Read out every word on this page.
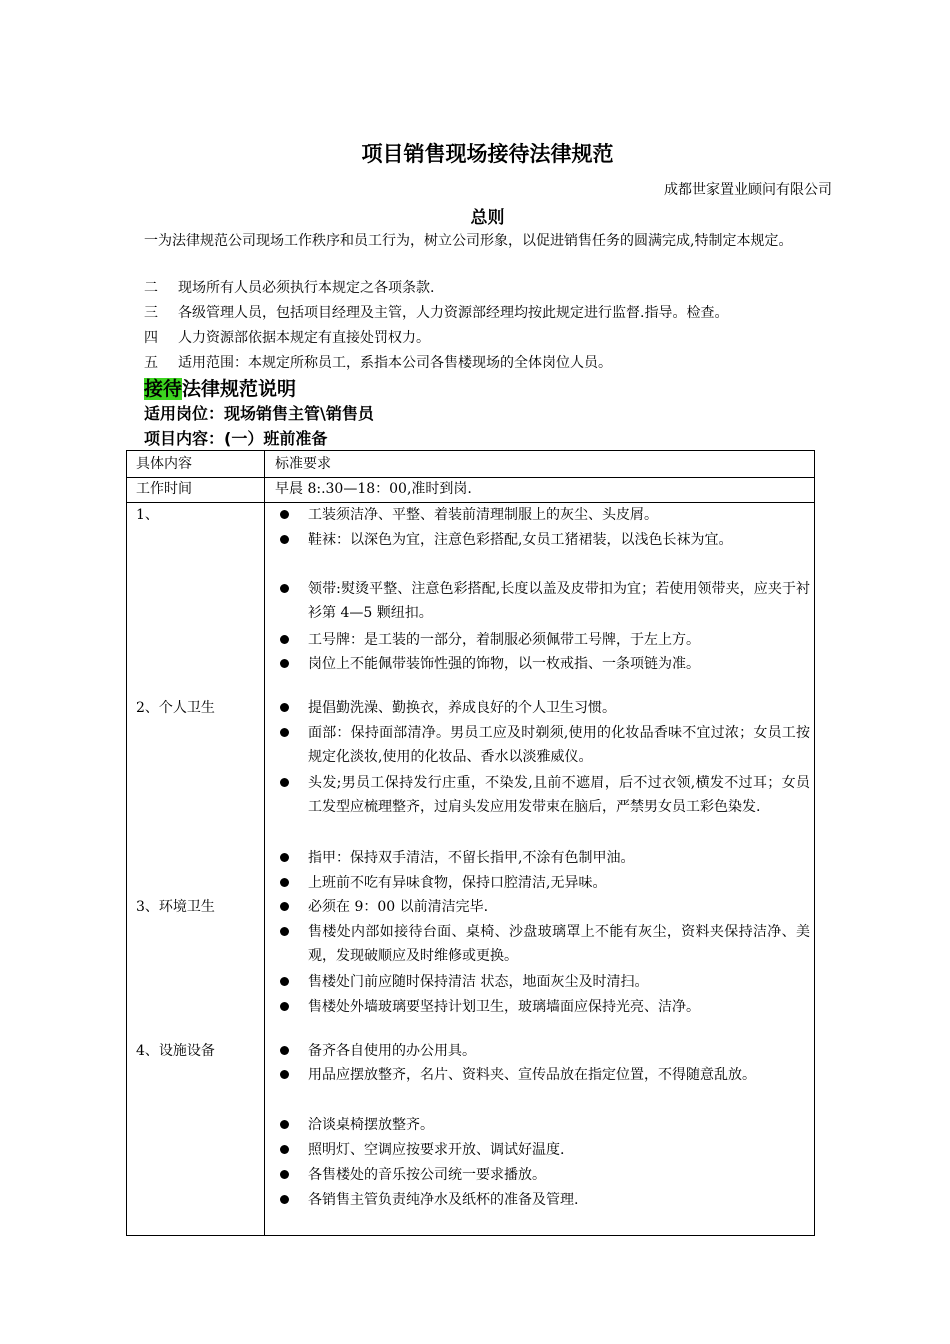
项目销售现场接待法律规范
成都世家置业顾问有限公司
总则
一为法律规范公司现场工作秩序和员工行为，树立公司形象，以促进销售任务的圆满完成,特制定本规定。
二　 现场所有人员必须执行本规定之各项条款.
三　 各级管理人员，包括项目经理及主管，人力资源部经理均按此规定进行监督.指导。检查。
四　 人力资源部依据本规定有直接处罚权力。
五　 适用范围：本规定所称员工，系指本公司各售楼现场的全体岗位人员。
接待法律规范说明
适用岗位：现场销售主管\销售员
项目内容：(一）班前准备
具体内容	标准要求
工作时间	早晨 8:.30—18：00,准时到岗.
1、	工装须洁净、平整、着装前清理制服上的灰尘、头皮屑。
鞋袜：以深色为宜，注意色彩搭配,女员工猪裙装，以浅色长袜为宜。
领带:熨烫平整、注意色彩搭配,长度以盖及皮带扣为宜；若使用领带夹，应夹于衬衫第 4—5 颗纽扣。
工号牌：是工装的一部分，着制服必须佩带工号牌，于左上方。
岗位上不能佩带装饰性强的饰物，以一枚戒指、一条项链为准。
2、个人卫生	提倡勤洗澡、勤换衣，养成良好的个人卫生习惯。
面部：保持面部清净。男员工应及时剃须,使用的化妆品香味不宜过浓；女员工按规定化淡妆,使用的化妆品、香水以淡雅威仪。
头发;男员工保持发行庄重，不染发,且前不遮眉，后不过衣领,横发不过耳；女员工发型应梳理整齐，过肩头发应用发带束在脑后，严禁男女员工彩色染发.
指甲：保持双手清洁，不留长指甲,不涂有色制甲油。
上班前不吃有异味食物，保持口腔清洁,无异味。
3、环境卫生	必须在 9：00 以前清洁完毕.
售楼处内部如接待台面、桌椅、沙盘玻璃罩上不能有灰尘，资料夹保持洁净、美观，发现破顺应及时维修或更换。
售楼处门前应随时保持清洁 状态，地面灰尘及时清扫。
售楼处外墙玻璃要坚持计划卫生，玻璃墙面应保持光亮、洁净。
4、设施设备	备齐各自使用的办公用具。
用品应摆放整齐，名片、资料夹、宣传品放在指定位置，不得随意乱放。
洽谈桌椅摆放整齐。
照明灯、空调应按要求开放、调试好温度.
各售楼处的音乐按公司统一要求播放。
各销售主管负责纯净水及纸杯的准备及管理.
